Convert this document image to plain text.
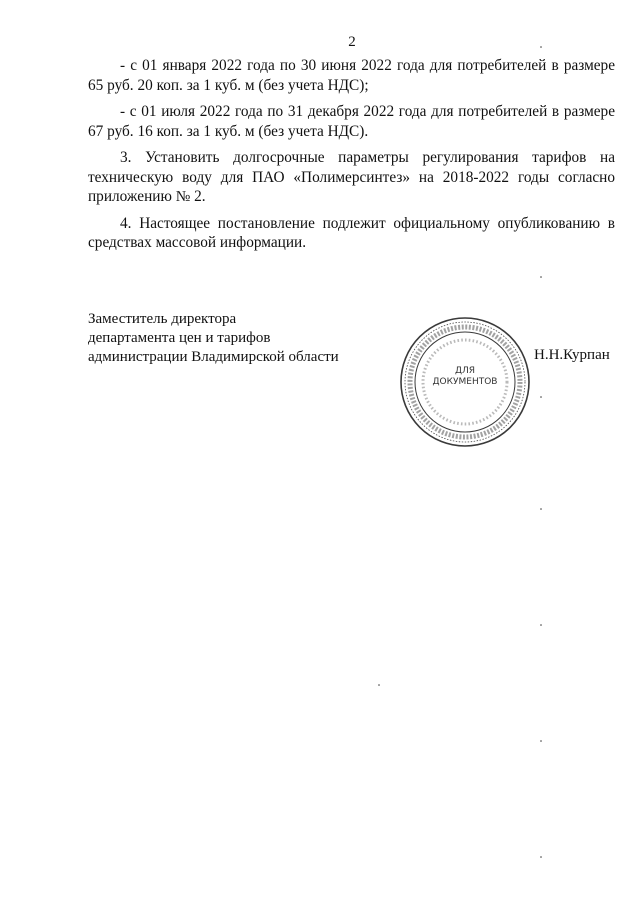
2

- с 01 января 2022 года по 30 июня 2022 года для потребителей в размере 65 руб. 20 коп. за 1 куб. м (без учета НДС);

- с 01 июля 2022 года по 31 декабря 2022 года для потребителей в размере 67 руб. 16 коп. за 1 куб. м (без учета НДС).

3. Установить долгосрочные параметры регулирования тарифов на техническую воду для ПАО «Полимерсинтез» на 2018-2022 годы согласно приложению № 2.

4. Настоящее постановление подлежит официальному опубликованию в средствах массовой информации.

Заместитель директора
департамента цен и тарифов
администрации Владимирской области
ДЛЯ
ДОКУМЕНТОВ
Н.Н.Курпан
